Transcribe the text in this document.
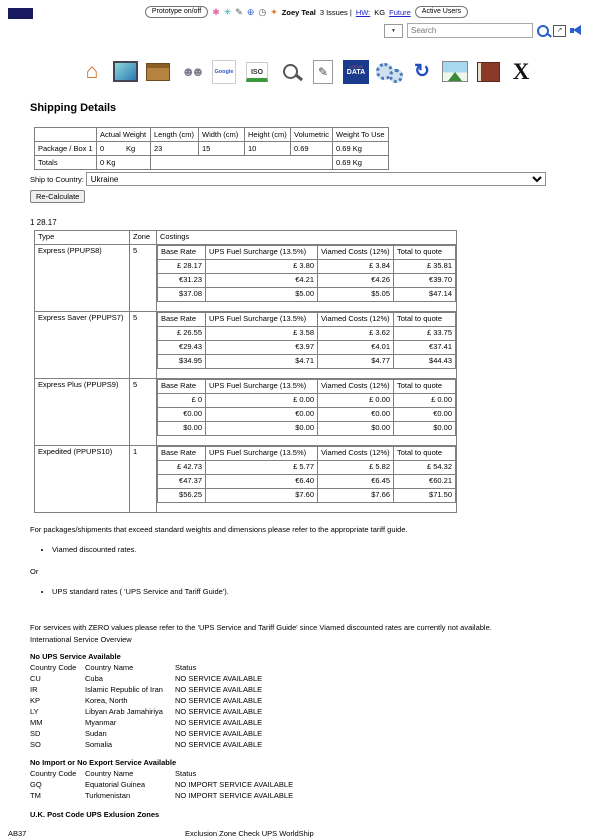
Prototype on/off	✱ ✳ ✎ ⊕ ◷ ✦ Zoey Teal 3 Issues | HW: KG Future	Active Users
▼
Search	↗
⌂	☻☻	Google	ISO	✎	LOTUS
DATA	↻	X
Shipping Details
	Actual Weight	Length (cm)	Width (cm)	Height (cm)	Volumetric	Weight To Use
Package / Box 1	0 Kg	23	15	10	0.69	0.69 Kg
Totals	0 Kg					0.69 Kg
Ship to Country:
Ukraine
Re-Calculate
1 28.17
Type	Zone	Costings
Express (PPUPS8)	5		Base Rate	UPS Fuel Surcharge (13.5%)	Viamed Costs (12%)	Total to quote
£ 28.17	£ 3.80	£ 3.84	£ 35.81
€31.23	€4.21	€4.26	€39.70
$37.08	$5.00	$5.05	$47.14

Express Saver (PPUPS7)	5		Base Rate	UPS Fuel Surcharge (13.5%)	Viamed Costs (12%)	Total to quote
£ 26.55	£ 3.58	£ 3.62	£ 33.75
€29.43	€3.97	€4.01	€37.41
$34.95	$4.71	$4.77	$44.43

Express Plus (PPUPS9)	5		Base Rate	UPS Fuel Surcharge (13.5%)	Viamed Costs (12%)	Total to quote
£ 0	£ 0.00	£ 0.00	£ 0.00
€0.00	€0.00	€0.00	€0.00
$0.00	$0.00	$0.00	$0.00

Expedited (PPUPS10)	1		Base Rate	UPS Fuel Surcharge (13.5%)	Viamed Costs (12%)	Total to quote
£ 42.73	£ 5.77	£ 5.82	£ 54.32
€47.37	€6.40	€6.45	€60.21
$56.25	$7.60	$7.66	$71.50
For packages/shipments that exceed standard weights and dimensions please refer to the appropriate tariff guide.
• Viamed discounted rates.
Or
• UPS standard rates ( 'UPS Service and Tariff Guide').
For services with ZERO values please refer to the 'UPS Service and Tariff Guide' since Viamed discounted rates are currently not available.
International Service Overview
No UPS Service Available
Country Code	Country Name	Status
CU	Cuba	NO SERVICE AVAILABLE
IR	Islamic Republic of Iran	NO SERVICE AVAILABLE
KP	Korea, North	NO SERVICE AVAILABLE
LY	Libyan Arab Jamahiriya	NO SERVICE AVAILABLE
MM	Myanmar	NO SERVICE AVAILABLE
SD	Sudan	NO SERVICE AVAILABLE
SO	Somalia	NO SERVICE AVAILABLE
No Import or No Export Service Available
Country Code	Country Name	Status
GQ	Equatorial Guinea	NO IMPORT SERVICE AVAILABLE
TM	Turkmenistan	NO IMPORT SERVICE AVAILABLE
U.K. Post Code UPS Exlusion Zones
AB37	Exclusion Zone Check UPS WorldShip
